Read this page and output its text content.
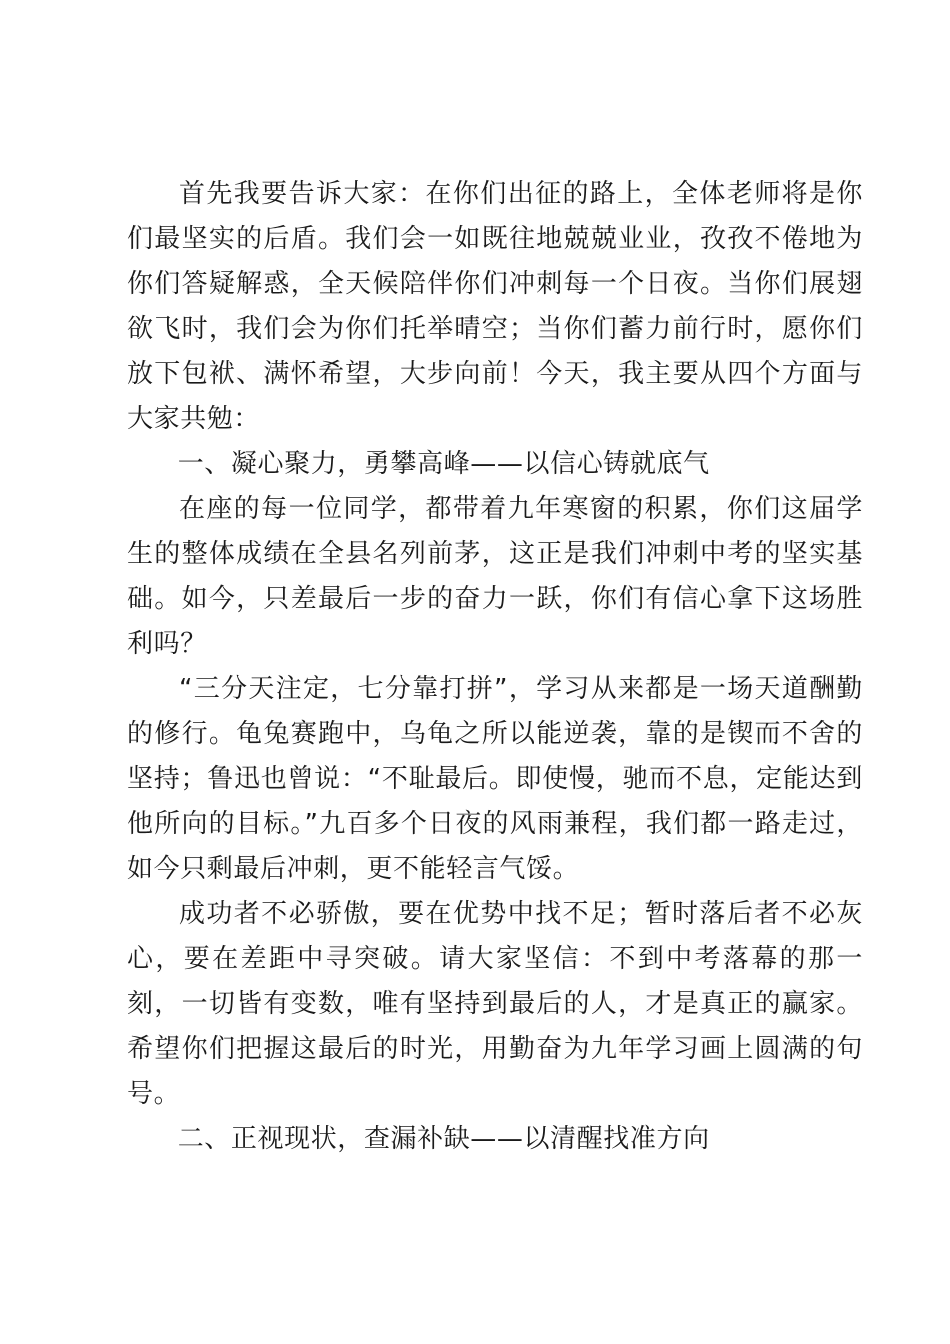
首先我要告诉大家：在你们出征的路上，全体老师将是你们最坚实的后盾。我们会一如既往地兢兢业业，孜孜不倦地为你们答疑解惑，全天候陪伴你们冲刺每一个日夜。当你们展翅欲飞时，我们会为你们托举晴空；当你们蓄力前行时，愿你们放下包袱、满怀希望，大步向前！今天，我主要从四个方面与大家共勉：

一、凝心聚力，勇攀高峰——以信心铸就底气

在座的每一位同学，都带着九年寒窗的积累，你们这届学生的整体成绩在全县名列前茅，这正是我们冲刺中考的坚实基础。如今，只差最后一步的奋力一跃，你们有信心拿下这场胜利吗？

“三分天注定，七分靠打拼”，学习从来都是一场天道酬勤的修行。龟兔赛跑中，乌龟之所以能逆袭，靠的是锲而不舍的坚持；鲁迅也曾说：“不耻最后。即使慢，驰而不息，定能达到他所向的目标。”九百多个日夜的风雨兼程，我们都一路走过，如今只剩最后冲刺，更不能轻言气馁。

成功者不必骄傲，要在优势中找不足；暂时落后者不必灰心，要在差距中寻突破。请大家坚信：不到中考落幕的那一刻，一切皆有变数，唯有坚持到最后的人，才是真正的赢家。希望你们把握这最后的时光，用勤奋为九年学习画上圆满的句号。

二、正视现状，查漏补缺——以清醒找准方向
